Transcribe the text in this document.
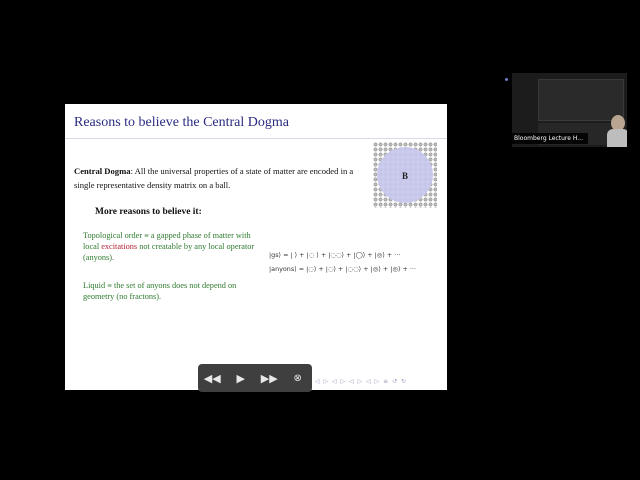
Reasons to believe the Central Dogma
B
Central Dogma: All the universal properties of a state of matter are encoded in a single representative density matrix on a ball.
More reasons to believe it:
Topological order ≡ a gapped phase of matter with local excitations not creatable by any local operator (anyons).
Liquid ≡ the set of anyons does not depend on geometry (no fractons).
|gs⟩ = | ⟩ + |◌ ⟩ + |◌◌⟩ + |◯⟩ + |◎⟩ + ···
|anyons⟩ = |◌⟩ + |◌⟩ + |◌◌⟩ + |◎⟩ + |◎⟩ + ···
◁ ▷ ◁ ▷ ◁ ▷ ◁ ▷ ≡ ↺ ↻
◀◀	▶	▶▶	⊗
Bloomberg Lecture H...
